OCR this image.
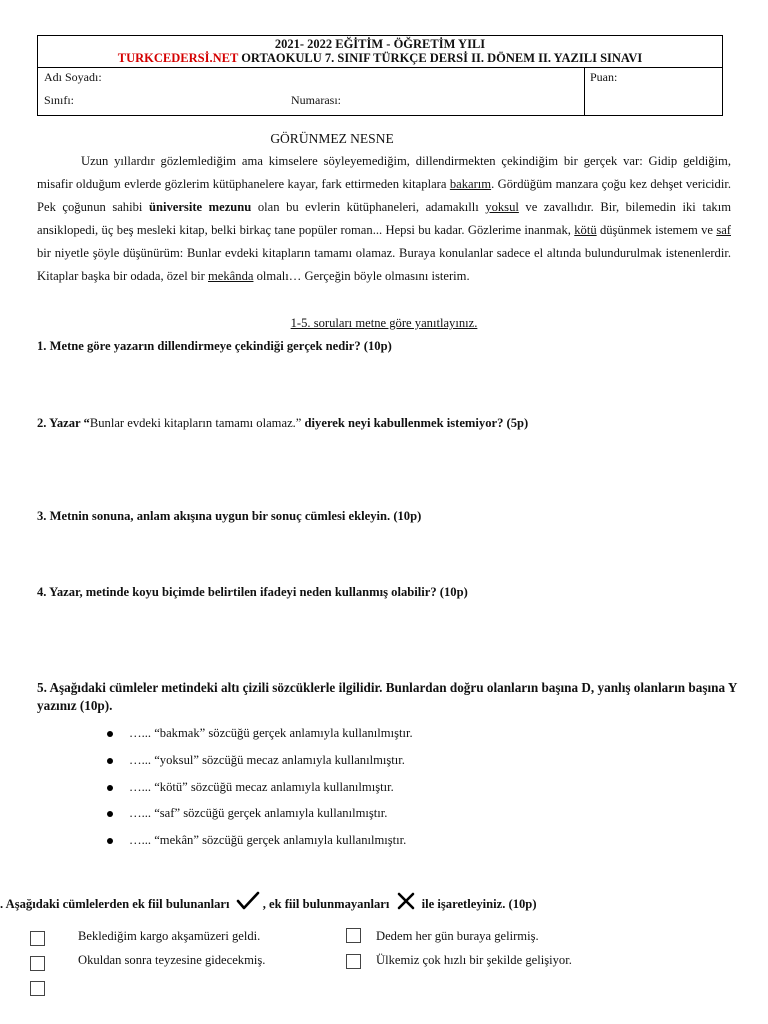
2021- 2022 EĞİTİM - ÖĞRETİM YILI
TURKCEDERSİ.NET ORTAOKULU 7. SINIF TÜRKÇE DERSİ II. DÖNEM II. YAZILI SINAVI
Adı Soyadı:
Sınıfı:	Numarası:
Puan:
GÖRÜNMEZ NESNE

Uzun yıllardır gözlemlediğim ama kimselere söyleyemediğim, dillendirmekten çekindiğim bir gerçek var: Gidip geldiğim, misafir olduğum evlerde gözlerim kütüphanelere kayar, fark ettirmeden kitaplara bakarım. Gördüğüm manzara çoğu kez dehşet vericidir. Pek çoğunun sahibi üniversite mezunu olan bu evlerin kütüphaneleri, adamakıllı yoksul ve zavallıdır. Bir, bilemedin iki takım ansiklopedi, üç beş mesleki kitap, belki birkaç tane popüler roman... Hepsi bu kadar. Gözlerime inanmak, kötü düşünmek istemem ve saf bir niyetle şöyle düşünürüm: Bunlar evdeki kitapların tamamı olamaz. Buraya konulanlar sadece el altında bulundurulmak istenenlerdir. Kitaplar başka bir odada, özel bir mekânda olmalı… Gerçeğin böyle olmasını isterim.

1-5. soruları metne göre yanıtlayınız.
1. Metne göre yazarın dillendirmeye çekindiği gerçek nedir? (10p)
2. Yazar “Bunlar evdeki kitapların tamamı olamaz.” diyerek neyi kabullenmek istemiyor? (5p)
3. Metnin sonuna, anlam akışına uygun bir sonuç cümlesi ekleyin. (10p)
4. Yazar, metinde koyu biçimde belirtilen ifadeyi neden kullanmış olabilir? (10p)
5. Aşağıdaki cümleler metindeki altı çizili sözcüklerle ilgilidir. Bunlardan doğru olanların başına D, yanlış olanların başına Y yazınız (10p).
…... “bakmak” sözcüğü gerçek anlamıyla kullanılmıştır.
…... “yoksul” sözcüğü mecaz anlamıyla kullanılmıştır.
…... “kötü” sözcüğü mecaz anlamıyla kullanılmıştır.
…... “saf” sözcüğü gerçek anlamıyla kullanılmıştır.
…... “mekân” sözcüğü gerçek anlamıyla kullanılmıştır.
. Aşağıdaki cümlelerden ek fiil bulunanları	, ek fiil bulunmayanları	ile işaretleyiniz. (10p)
Beklediğim kargo akşamüzeri geldi.	Dedem her gün buraya gelirmiş.
Okuldan sonra teyzesine gidecekmiş.	Ülkemiz çok hızlı bir şekilde gelişiyor.
